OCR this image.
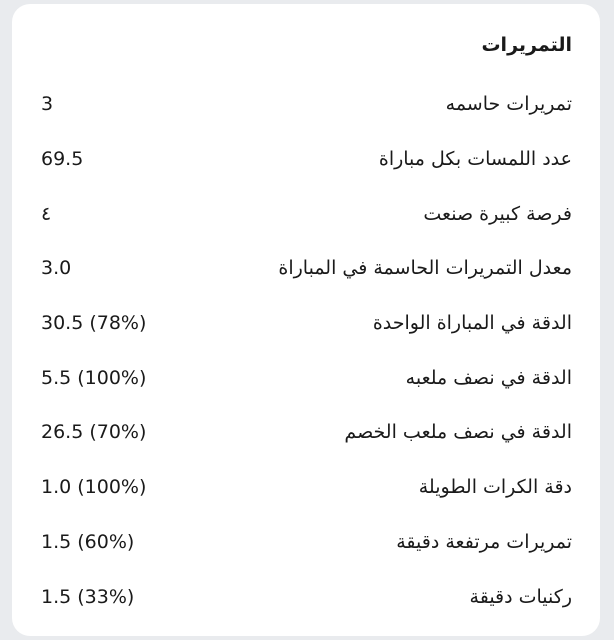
التمريرات
تمريرات حاسمه
3
عدد اللمسات بكل مباراة
69.5
فرصة كبيرة صنعت
٤
معدل التمريرات الحاسمة في المباراة
3.0
الدقة في المباراة الواحدة
30.5 (78%)
الدقة في نصف ملعبه
5.5 (100%)
الدقة في نصف ملعب الخصم
26.5 (70%)
دقة الكرات الطويلة
1.0 (100%)
تمريرات مرتفعة دقيقة
1.5 (60%)
ركنيات دقيقة
1.5 (33%)
